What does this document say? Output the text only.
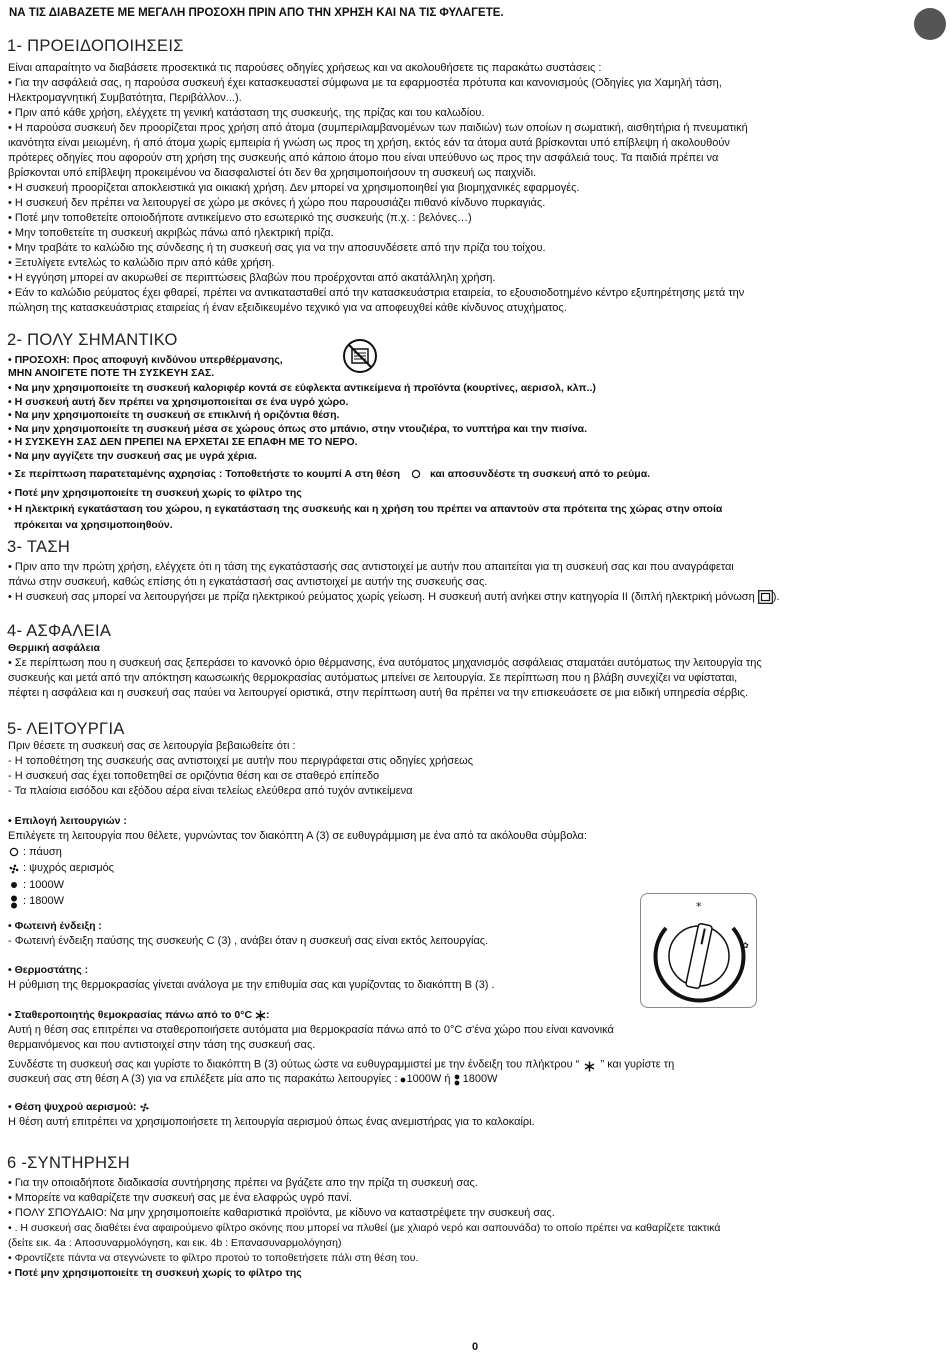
ΝΑ ΤΙΣ ΔΙΑΒΑΖΕΤΕ ΜΕ ΜΕΓΑΛΗ ΠΡΟΣΟΧΗ ΠΡΙΝ ΑΠΟ ΤΗΝ ΧΡΗΣΗ ΚΑΙ ΝΑ ΤΙΣ ΦΥΛΑΓΕΤΕ.
1- ΠΡΟΕΙΔΟΠΟΙΗΣΕΙΣ
Είναι απαραίτητο να διαβάσετε προσεκτικά τις παρούσες οδηγίες χρήσεως και να ακολουθήσετε τις παρακάτω συστάσεις :
• Για την ασφάλειά σας, η παρούσα συσκευή έχει κατασκευαστεί σύμφωνα με τα εφαρμοστέα πρότυπα και κανονισμούς (Οδηγίες για Χαμηλή τάση,
Ηλεκτρομαγνητική Συμβατότητα, Περιβάλλον...).
• Πριν από κάθε χρήση, ελέγχετε τη γενική κατάσταση της συσκευής, της πρίζας και του καλωδίου.
• Η παρούσα συσκευή δεν προορίζεται προς χρήση από άτομα (συμπεριλαμβανομένων των παιδιών) των οποίων η σωματική, αισθητήρια ή πνευματική
ικανότητα είναι μειωμένη, ή από άτομα χωρίς εμπειρία ή γνώση ως προς τη χρήση, εκτός εάν τα άτομα αυτά βρίσκονται υπό επίβλεψη ή ακολουθούν
πρότερες οδηγίες που αφορούν στη χρήση της συσκευής από κάποιο άτομο που είναι υπεύθυνο ως προς την ασφάλειά τους. Τα παιδιά πρέπει να
βρίσκονται υπό επίβλεψη προκειμένου να διασφαλιστεί ότι δεν θα χρησιμοποιήσουν τη συσκευή ως παιχνίδι.
• Η συσκευή προορίζεται αποκλειστικά για οικιακή χρήση. Δεν μπορεί να χρησιμοποιηθεί για βιομηχανικές εφαρμογές.
• Η συσκευή δεν πρέπει να λειτουργεί σε χώρο με σκόνες ή χώρο που παρουσιάζει πιθανό κίνδυνο πυρκαγιάς.
• Ποτέ μην τοποθετείτε οποιοδήποτε αντικείμενο στο εσωτερικό της συσκευής (π.χ. : βελόνες…)
• Μην τοποθετείτε τη συσκευή ακριβώς πάνω από ηλεκτρική πρίζα.
• Μην τραβάτε το καλώδιο της σύνδεσης ή τη συσκευή σας για να την αποσυνδέσετε από την πρίζα του τοίχου.
• Ξετυλίγετε εντελώς το καλώδιο πριν από κάθε χρήση.
• Η εγγύηση μπορεί αν ακυρωθεί σε περιπτώσεις βλαβών που προέρχονται από ακατάλληλη χρήση.
• Εάν το καλώδιο ρεύματος έχει φθαρεί, πρέπει να αντικατασταθεί από την κατασκευάστρια εταιρεία, το εξουσιοδοτημένο κέντρο εξυπηρέτησης μετά την
πώληση της κατασκευάστριας εταιρείας ή έναν εξειδικευμένο τεχνικό για να αποφευχθεί κάθε κίνδυνος ατυχήματος.
2- ΠΟΛΥ ΣΗΜΑΝΤΙΚΟ
• ΠΡΟΣΟΧΗ: Προς αποφυγή κινδύνου υπερθέρμανσης,
ΜΗΝ ΑΝΟΙΓΕΤΕ ΠΟΤΕ ΤΗ ΣΥΣΚΕΥΗ ΣΑΣ.
• Να μην χρησιμοποιείτε τη συσκευή καλοριφέρ κοντά σε εύφλεκτα αντικείμενα ή προϊόντα (κουρτίνες, αερισολ, κλπ..)
• Η συσκευή αυτή δεν πρέπει να χρησιμοποιείται σε ένα υγρό χώρο.
• Να μην χρησιμοποιείτε τη συσκευή σε επικλινή ή οριζόντια θέση.
• Να μην χρησιμοποιείτε τη συσκευή μέσα σε χώρους όπως στο μπάνιο, στην ντουζιέρα, το νυπτήρα και την πισίνα.
• Η ΣΥΣΚΕΥΗ ΣΑΣ ΔΕΝ ΠΡΕΠΕΙ ΝΑ ΕΡΧΕΤΑΙ ΣΕ ΕΠΑΦΗ ΜΕ ΤΟ ΝΕΡΟ.
• Να μην αγγίζετε την συσκευή σας με υγρά χέρια.
• Σε περίπτωση παρατεταμένης αχρησίας : Τοποθετήστε το κουμπί Α στη θέση	και αποσυνδέστε τη συσκευή από το ρεύμα.
• Ποτέ μην χρησιμοποιείτε τη συσκευή χωρίς το φίλτρο της
• Η ηλεκτρική εγκατάσταση του χώρου, η εγκατάσταση της συσκευής και η χρήση του πρέπει να απαντούν στα πρότειτα της χώρας στην οποία
πρόκειται να χρησιμοποιηθούν.
3- ΤΑΣΗ
• Πριν απο την πρώτη χρήση, ελέγχετε ότι η τάση της εγκατάστασής σας αντιστοιχεί με αυτήν που απαιτείται για τη συσκευή σας και που αναγράφεται
πάνω στην συσκευή, καθώς επίσης ότι η εγκατάστασή σας αντιστοιχεί με αυτήν της συσκευής σας.
• Η συσκευή σας μπορεί να λειτουργήσει με πρίζα ηλεκτρικού ρεύματος χωρίς γείωση. Η συσκευή αυτή ανήκει στην κατηγορία ΙΙ (διπλή ηλεκτρική μόνωση ).
4- ΑΣΦΑΛΕΙΑ
Θερμική ασφάλεια
• Σε περίπτωση που η συσκευή σας ξεπεράσει το κανονκό όριο θέρμανσης, ένα αυτόματος μηχανισμός ασφάλειας σταματάει αυτόματως την λειτουργία της
συσκευής και μετά από την απόκτηση καωσωικής θερμοκρασίας αυτόματως μπείνει σε λειτουργία. Σε περίπτωση που η βλάβη συνεχίζει να υφίσταται,
πέφτει η ασφάλεια και η συσκευή σας παύει να λειτουργεί οριστικά, στην περίπτωση αυτή θα πρέπει να την επισκευάσετε σε μια ειδική υπηρεσία σέρβις.
5- ΛΕΙΤΟΥΡΓΙΑ
Πριν θέσετε τη συσκευή σας σε λειτουργία βεβαιωθείτε ότι :
- Η τοποθέτηση της συσκευής σας αντιστοιχεί με αυτήν που περιγράφεται στις οδηγίες χρήσεως
- Η συσκευή σας έχει τοποθετηθεί σε οριζόντια θέση και σε σταθερό επίπεδο
- Τα πλαίσια εισόδου και εξόδου αέρα είναι τελείως ελεύθερα από τυχόν αντικείμενα
• Επιλογή λειτουργιών :
Επιλέγετε τη λειτουργία που θέλετε, γυρνώντας τον διακόπτη Α (3) σε ευθυγράμμιση με ένα από τα ακόλουθα σύμβολα:
: πάυση
: ψυχρός αερισμός
: 1000W
: 1800W
• Φωτεινή ένδειξη :
- Φωτεινή ένδειξη παύσης της συσκευής C (3) , ανάβει όταν η συσκευή σας είναι εκτός λειτουργίας.
• Θερμοστάτης :
Η ρύθμιση της θερμοκρασίας γίνεται ανάλογα με την επιθυμία σας και γυρίζοντας το διακόπτη Β (3) .
*
✿
• Σταθεροποιητής θεμοκρασίας πάνω από το 0°C :
Αυτή η θέση σας επιτρέπει να σταθεροποιήσετε αυτόματα μια θερμοκρασία πάνω από το 0°C σ'ένα χώρο που είναι κανονικά
θερμαινόμενος και που αντιστοιχεί στην τάση της συσκευή σας.
Συνδέστε τη συσκευή σας και γυρίστε το διακόπτη Β (3) ούτως ώστε να ευθυγραμμιστεί με την ένδειξη του πλήκτρου “ ” και γυρίστε τη
συσκευή σας στη θέση Α (3) για να επιλέξετε μία απο τις παρακάτω λειτουργίες : 1000W ή 1800W
• Θέση ψυχρού αερισμού:
Η θέση αυτή επιτρέπει να χρησιμοποιήσετε τη λειτουργία αερισμού όπως ένας ανεμιστήρας για το καλοκαίρι.
6 -ΣΥΝΤΗΡΗΣΗ
• Για την οποιαδήποτε διαδικασία συντήρησης πρέπει να βγάζετε απο την πρίζα τη συσκευή σας.
• Μπορείτε να καθαρίζετε την συσκευή σας με ένα ελαφρώς υγρό πανί.
• ΠΟΛΥ ΣΠΟΥΔΑΙΟ: Να μην χρησιμοποιείτε καθαριστικά προϊόντα, με κίδυνο να καταστρέψετε την συσκευή σας.
• . Η συσκευή σας διαθέτει ένα αφαιρούμενο φίλτρο σκόνης που μπορεί να πλυθεί (με χλιαρό νερό και σαπουνάδα) το οποίο πρέπει να καθαρίζετε τακτικά
(δείτε εικ. 4a : Αποσυναρμολόγηση, και εικ. 4b : Επανασυναρμολόγηση)
• Φροντίζετε πάντα να στεγνώνετε το φίλτρο προτού το τοποθετήσετε πάλι στη θέση του.
• Ποτέ μην χρησιμοποιείτε τη συσκευή χωρίς το φίλτρο της
0
